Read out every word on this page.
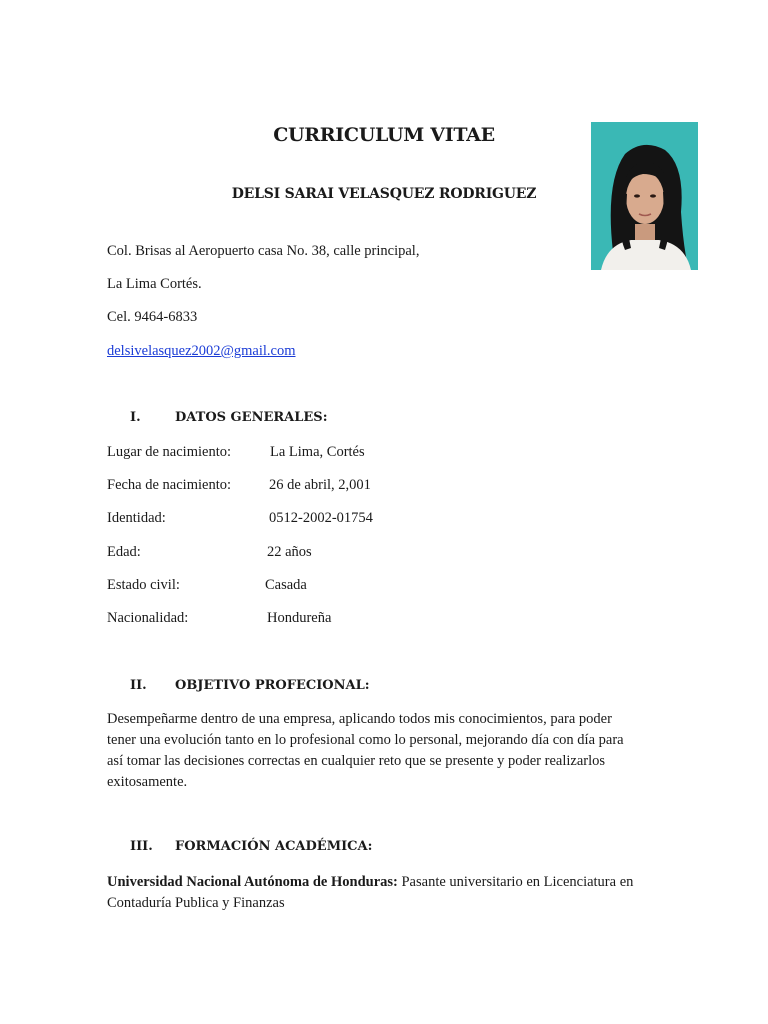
CURRICULUM VITAE
DELSI SARAI VELASQUEZ RODRIGUEZ
Col. Brisas al Aeropuerto casa No. 38, calle principal,
La Lima Cortés.
Cel. 9464-6833
delsivelasquez2002@gmail.com
I.	DATOS GENERALES:
Lugar de nacimiento:	La Lima, Cortés
Fecha de nacimiento:	26 de abril, 2,001
Identidad:	0512-2002-01754
Edad:	22 años
Estado civil:	Casada
Nacionalidad:	Hondureña
II. OBJETIVO PROFECIONAL:
Desempeñarme dentro de una empresa, aplicando todos mis conocimientos, para poder
tener una evolución tanto en lo profesional como lo personal, mejorando día con día para
así tomar las decisiones correctas en cualquier reto que se presente y poder realizarlos
exitosamente.
III. FORMACIÓN ACADÉMICA:
Universidad Nacional Autónoma de Honduras: Pasante universitario en Licenciatura en
Contaduría Publica y Finanzas
